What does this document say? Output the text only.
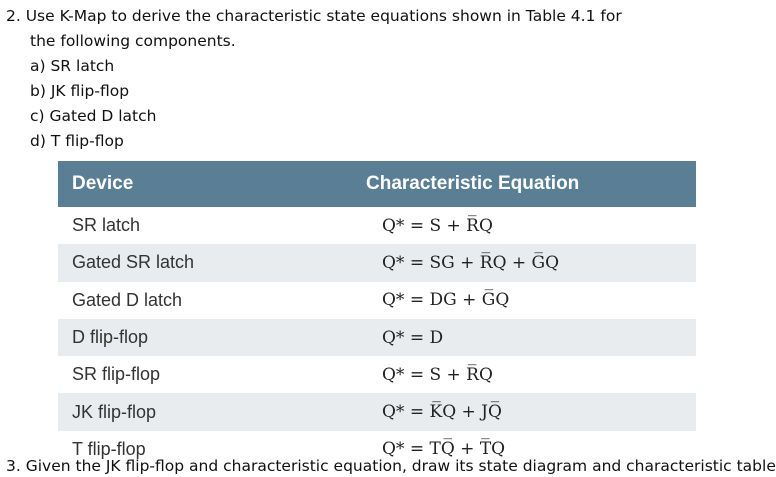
2. Use K-Map to derive the characteristic state equations shown in Table 4.1 for
the following components.
a) SR latch
b) JK flip-flop
c) Gated D latch
d) T flip-flop
Device	Characteristic Equation
SR latch	Q* = S + R̅Q
Gated SR latch	Q* = SG + R̅Q + G̅Q
Gated D latch	Q* = DG + G̅Q
D flip-flop	Q* = D
SR flip-flop	Q* = S + R̅Q
JK flip-flop	Q* = K̅Q + JQ̅
T flip-flop	Q* = TQ̅ + T̅Q
3. Given the JK flip-flop and characteristic equation, draw its state diagram and characteristic table
